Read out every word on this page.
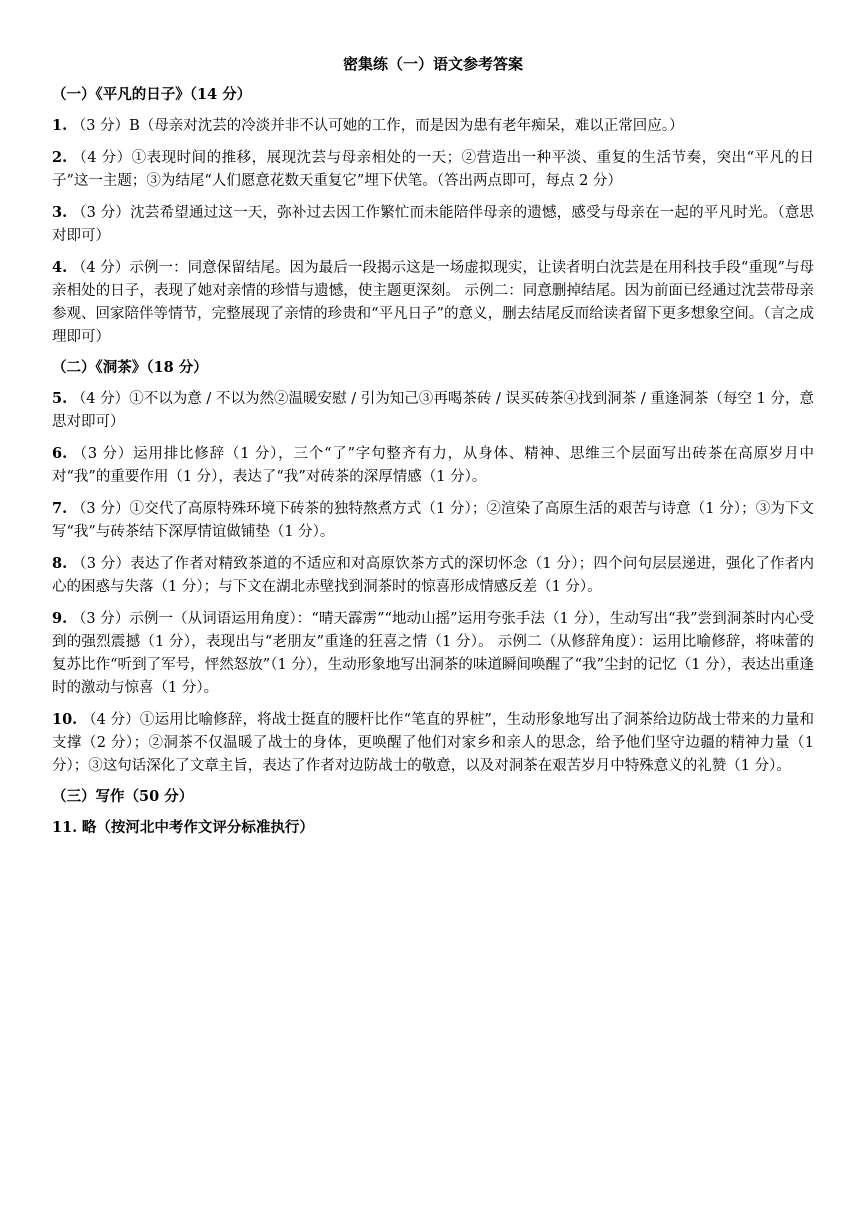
密集练（一）语文参考答案
（一）《平凡的日子》（14 分）
1. （3 分）B（母亲对沈芸的冷淡并非不认可她的工作，而是因为患有老年痴呆，难以正常回应。）
2. （4 分）①表现时间的推移，展现沈芸与母亲相处的一天；②营造出一种平淡、重复的生活节奏，突出“平凡的日子”这一主题；③为结尾“人们愿意花数天重复它”埋下伏笔。（答出两点即可，每点 2 分）
3. （3 分）沈芸希望通过这一天，弥补过去因工作繁忙而未能陪伴母亲的遗憾，感受与母亲在一起的平凡时光。（意思对即可）
4. （4 分）示例一：同意保留结尾。因为最后一段揭示这是一场虚拟现实，让读者明白沈芸是在用科技手段“重现”与母亲相处的日子，表现了她对亲情的珍惜与遗憾，使主题更深刻。 示例二：同意删掉结尾。因为前面已经通过沈芸带母亲参观、回家陪伴等情节，完整展现了亲情的珍贵和“平凡日子”的意义，删去结尾反而给读者留下更多想象空间。（言之成理即可）
（二）《洞茶》（18 分）
5. （4 分）①不以为意 / 不以为然②温暖安慰 / 引为知己③再喝茶砖 / 误买砖茶④找到洞茶 / 重逢洞茶（每空 1 分，意思对即可）
6. （3 分）运用排比修辞（1 分），三个“了”字句整齐有力，从身体、精神、思维三个层面写出砖茶在高原岁月中对“我”的重要作用（1 分），表达了“我”对砖茶的深厚情感（1 分）。
7. （3 分）①交代了高原特殊环境下砖茶的独特熬煮方式（1 分）；②渲染了高原生活的艰苦与诗意（1 分）；③为下文写“我”与砖茶结下深厚情谊做铺垫（1 分）。
8. （3 分）表达了作者对精致茶道的不适应和对高原饮茶方式的深切怀念（1 分）；四个问句层层递进，强化了作者内心的困惑与失落（1 分）；与下文在湖北赤壁找到洞茶时的惊喜形成情感反差（1 分）。
9. （3 分）示例一（从词语运用角度）：“晴天霹雳”“地动山摇”运用夸张手法（1 分），生动写出“我”尝到洞茶时内心受到的强烈震撼（1 分），表现出与“老朋友”重逢的狂喜之情（1 分）。 示例二（从修辞角度）：运用比喻修辞，将味蕾的复苏比作“听到了军号，怦然怒放”（1 分），生动形象地写出洞茶的味道瞬间唤醒了“我”尘封的记忆（1 分），表达出重逢时的激动与惊喜（1 分）。
10. （4 分）①运用比喻修辞，将战士挺直的腰杆比作“笔直的界桩”，生动形象地写出了洞茶给边防战士带来的力量和支撑（2 分）；②洞茶不仅温暖了战士的身体，更唤醒了他们对家乡和亲人的思念，给予他们坚守边疆的精神力量（1 分）；③这句话深化了文章主旨，表达了作者对边防战士的敬意，以及对洞茶在艰苦岁月中特殊意义的礼赞（1 分）。
（三）写作（50 分）
11. 略（按河北中考作文评分标准执行）
